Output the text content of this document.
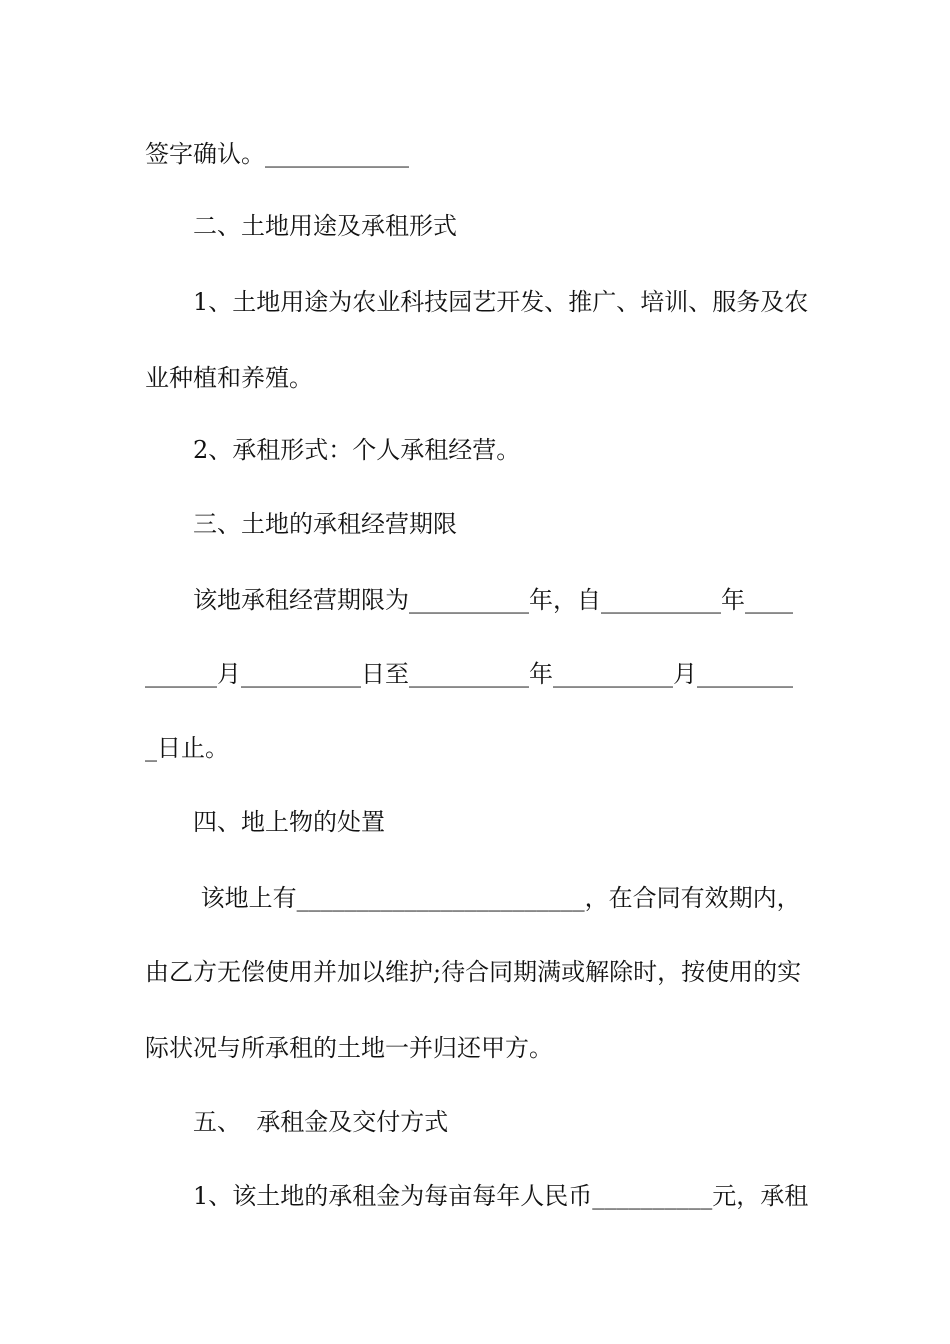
签字确认。____________
二、土地用途及承租形式
1、土地用途为农业科技园艺开发、推广、培训、服务及农
业种植和养殖。
2、承租形式：个人承租经营。
三、土地的承租经营期限
该地承租经营期限为__________年，自__________年____
______月__________日至__________年__________月________
_日止。
四、地上物的处置
该地上有________________________，在合同有效期内，
由乙方无偿使用并加以维护;待合同期满或解除时，按使用的实
际状况与所承租的土地一并归还甲方。
五、  承租金及交付方式
1、该土地的承租金为每亩每年人民币__________元，承租
